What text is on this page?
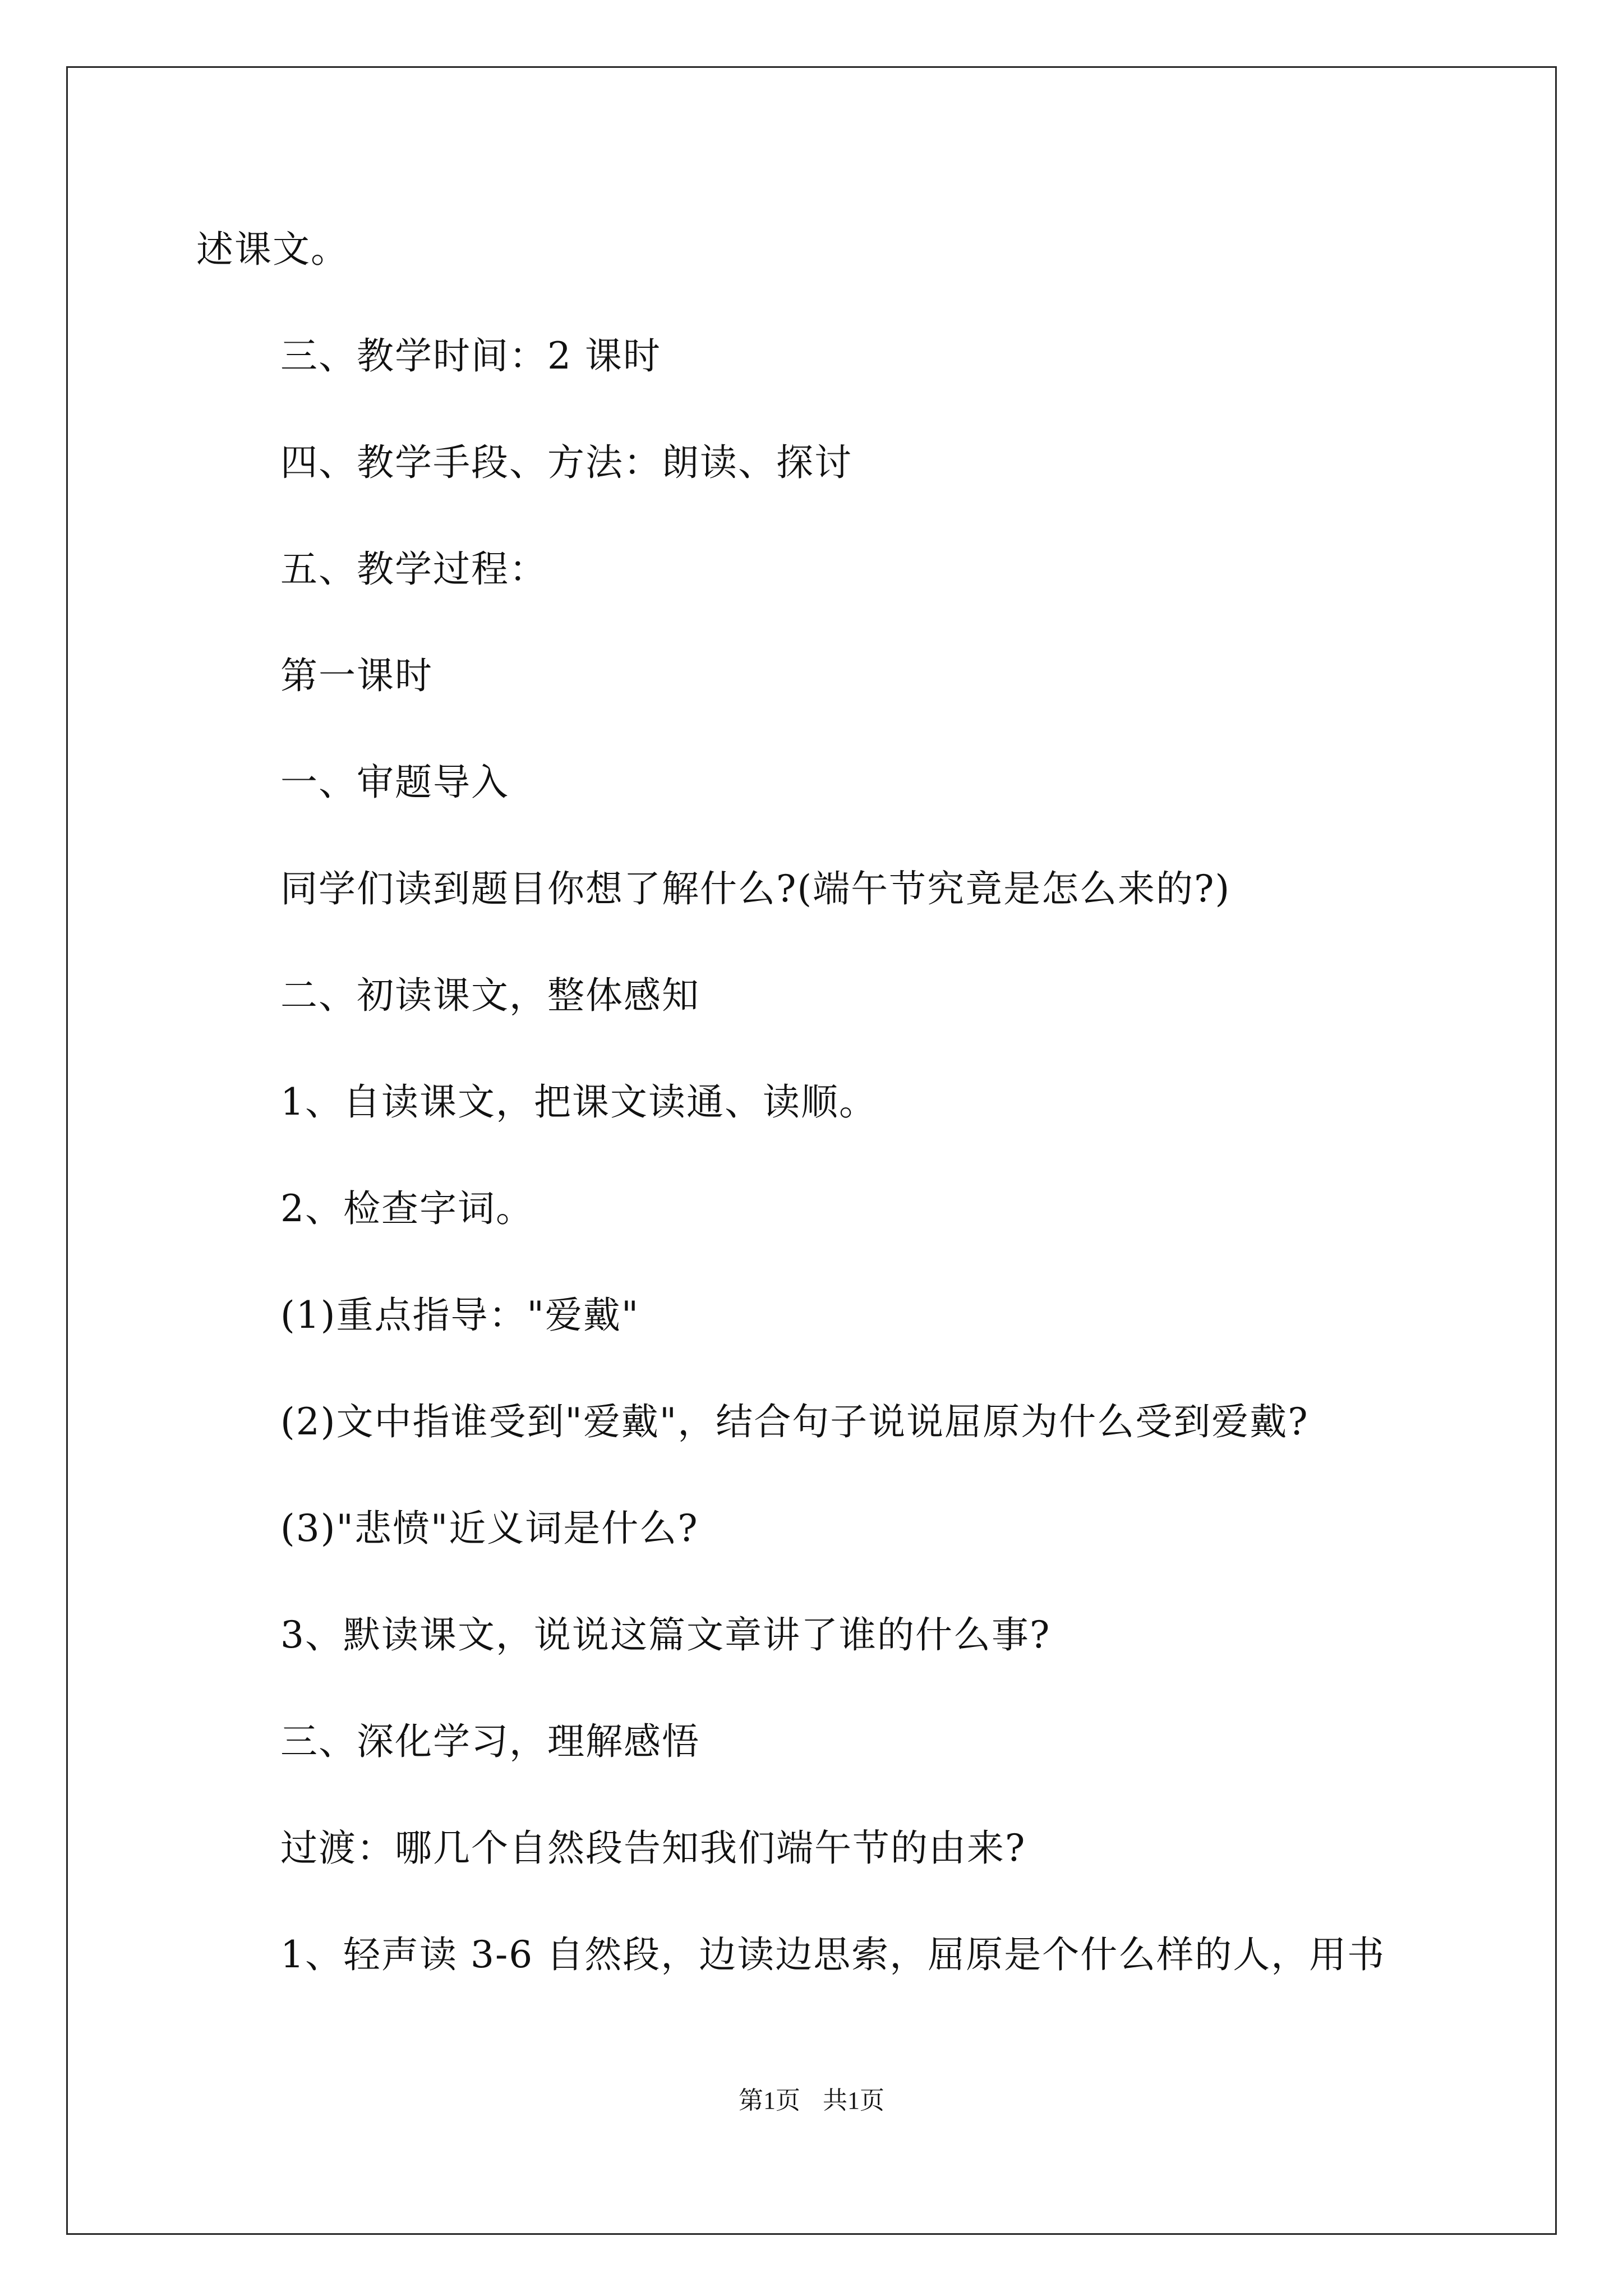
述课文。
三、教学时间：2 课时
四、教学手段、方法：朗读、探讨
五、教学过程：
第一课时
一、审题导入
同学们读到题目你想了解什么?(端午节究竟是怎么来的?)
二、初读课文，整体感知
1、自读课文，把课文读通、读顺。
2、检查字词。
(1)重点指导："爱戴"
(2)文中指谁受到"爱戴"，结合句子说说屈原为什么受到爱戴?
(3)"悲愤"近义词是什么?
3、默读课文，说说这篇文章讲了谁的什么事?
三、深化学习，理解感悟
过渡：哪几个自然段告知我们端午节的由来?
1、轻声读 3-6 自然段，边读边思索，屈原是个什么样的人，用书
第1页 共1页
